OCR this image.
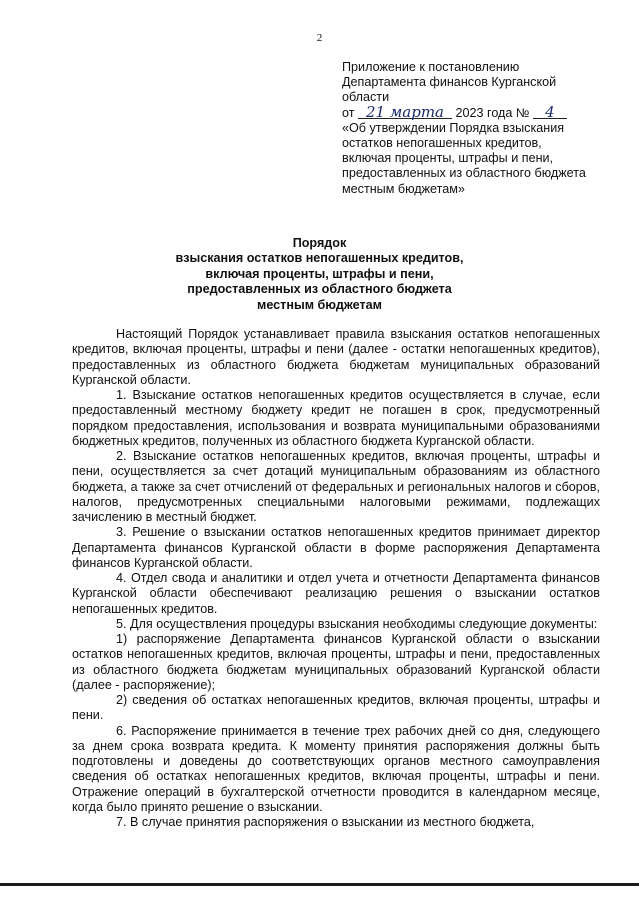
2
Приложение к постановлению
Департамента финансов Курганской
области
от 21 марта 2023 года № 4
«Об утверждении Порядка взыскания
остатков непогашенных кредитов,
включая проценты, штрафы и пени,
предоставленных из областного бюджета
местным бюджетам»
Порядок
взыскания остатков непогашенных кредитов,
включая проценты, штрафы и пени,
предоставленных из областного бюджета
местным бюджетам

Настоящий Порядок устанавливает правила взыскания остатков непогашенных кредитов, включая проценты, штрафы и пени (далее - остатки непогашенных кредитов), предоставленных из областного бюджета бюджетам муниципальных образований Курганской области.

1. Взыскание остатков непогашенных кредитов осуществляется в случае, если предоставленный местному бюджету кредит не погашен в срок, предусмотренный порядком предоставления, использования и возврата муниципальными образованиями бюджетных кредитов, полученных из областного бюджета Курганской области.

2. Взыскание остатков непогашенных кредитов, включая проценты, штрафы и пени, осуществляется за счет дотаций муниципальным образованиям из областного бюджета, а также за счет отчислений от федеральных и региональных налогов и сборов, налогов, предусмотренных специальными налоговыми режимами, подлежащих зачислению в местный бюджет.

3. Решение о взыскании остатков непогашенных кредитов принимает директор Департамента финансов Курганской области в форме распоряжения Департамента финансов Курганской области.

4. Отдел свода и аналитики и отдел учета и отчетности Департамента финансов Курганской области обеспечивают реализацию решения о взыскании остатков непогашенных кредитов.

5. Для осуществления процедуры взыскания необходимы следующие документы:

1) распоряжение Департамента финансов Курганской области о взыскании остатков непогашенных кредитов, включая проценты, штрафы и пени, предоставленных из областного бюджета бюджетам муниципальных образований Курганской области (далее - распоряжение);

2) сведения об остатках непогашенных кредитов, включая проценты, штрафы и пени.

6. Распоряжение принимается в течение трех рабочих дней со дня, следующего за днем срока возврата кредита. К моменту принятия распоряжения должны быть подготовлены и доведены до соответствующих органов местного самоуправления сведения об остатках непогашенных кредитов, включая проценты, штрафы и пени. Отражение операций в бухгалтерской отчетности проводится в календарном месяце, когда было принято решение о взыскании.

7. В случае принятия распоряжения о взыскании из местного бюджета,
